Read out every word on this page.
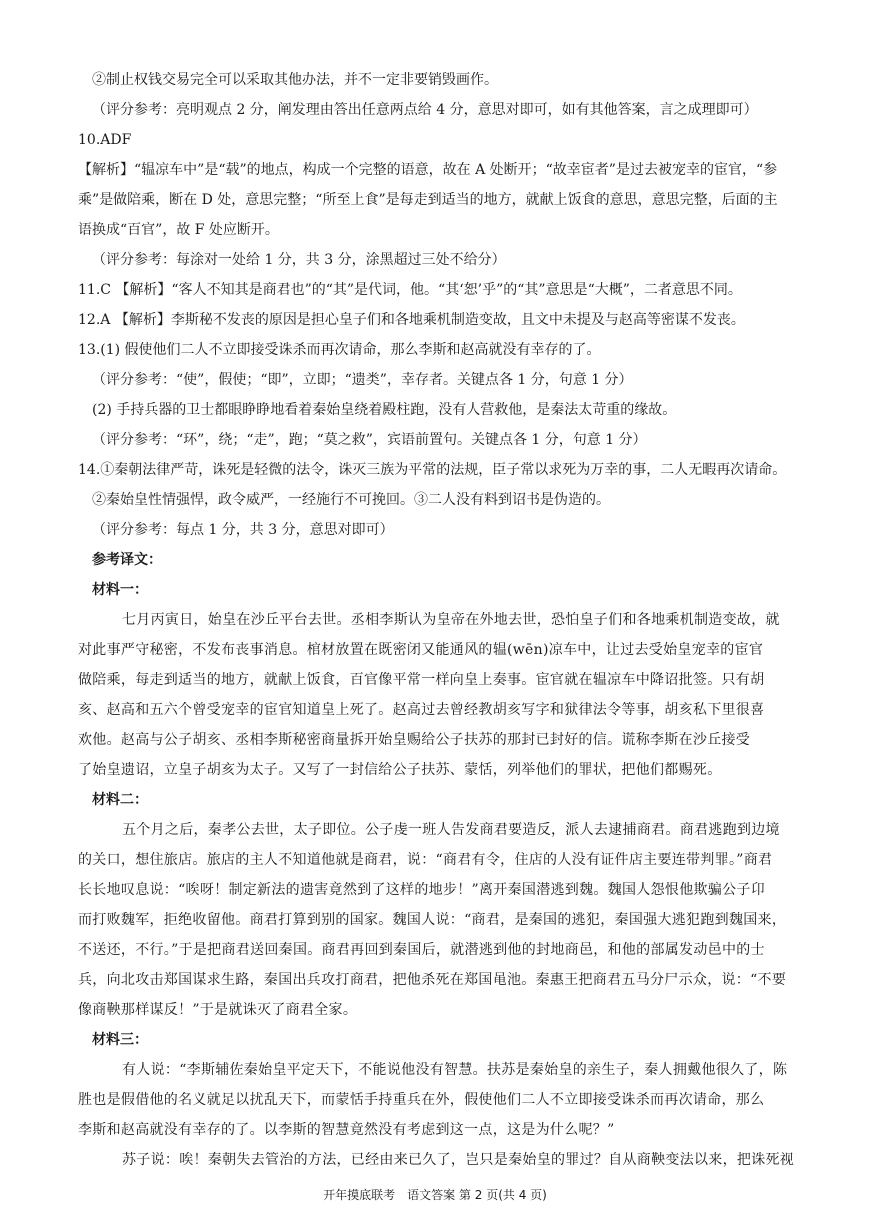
②制止权钱交易完全可以采取其他办法，并不一定非要销毁画作。
（评分参考：亮明观点 2 分，阐发理由答出任意两点给 4 分，意思对即可，如有其他答案，言之成理即可）
10.ADF
【解析】“辒凉车中”是“载”的地点，构成一个完整的语意，故在 A 处断开；“故幸宦者”是过去被宠幸的宦官，“参
乘”是做陪乘，断在 D 处，意思完整；“所至上食”是每走到适当的地方，就献上饭食的意思，意思完整，后面的主
语换成“百官”，故 F 处应断开。
（评分参考：每涂对一处给 1 分，共 3 分，涂黑超过三处不给分）
11.C 【解析】“客人不知其是商君也”的“其”是代词，他。“其‘恕’乎”的“其”意思是“大概”，二者意思不同。
12.A 【解析】李斯秘不发丧的原因是担心皇子们和各地乘机制造变故，且文中未提及与赵高等密谋不发丧。
13.(1) 假使他们二人不立即接受诛杀而再次请命，那么李斯和赵高就没有幸存的了。
（评分参考：“使”，假使；“即”，立即；“遗类”，幸存者。关键点各 1 分，句意 1 分）
(2) 手持兵器的卫士都眼睁睁地看着秦始皇绕着殿柱跑，没有人营救他，是秦法太苛重的缘故。
（评分参考：“环”，绕；“走”，跑；“莫之救”，宾语前置句。关键点各 1 分，句意 1 分）
14.①秦朝法律严苛，诛死是轻微的法令，诛灭三族为平常的法规，臣子常以求死为万幸的事，二人无暇再次请命。
②秦始皇性情强悍，政令威严，一经施行不可挽回。③二人没有料到诏书是伪造的。
（评分参考：每点 1 分，共 3 分，意思对即可）
参考译文：
材料一：
七月丙寅日，始皇在沙丘平台去世。丞相李斯认为皇帝在外地去世，恐怕皇子们和各地乘机制造变故，就
对此事严守秘密，不发布丧事消息。棺材放置在既密闭又能通风的辒(wēn)凉车中，让过去受始皇宠幸的宦官
做陪乘，每走到适当的地方，就献上饭食，百官像平常一样向皇上奏事。宦官就在辒凉车中降诏批签。只有胡
亥、赵高和五六个曾受宠幸的宦官知道皇上死了。赵高过去曾经教胡亥写字和狱律法令等事，胡亥私下里很喜
欢他。赵高与公子胡亥、丞相李斯秘密商量拆开始皇赐给公子扶苏的那封已封好的信。谎称李斯在沙丘接受
了始皇遗诏，立皇子胡亥为太子。又写了一封信给公子扶苏、蒙恬，列举他们的罪状，把他们都赐死。
材料二：
五个月之后，秦孝公去世，太子即位。公子虔一班人告发商君要造反，派人去逮捕商君。商君逃跑到边境
的关口，想住旅店。旅店的主人不知道他就是商君，说：“商君有令，住店的人没有证件店主要连带判罪。”商君
长长地叹息说：“唉呀！制定新法的遗害竟然到了这样的地步！”离开秦国潜逃到魏。魏国人怨恨他欺骗公子卬
而打败魏军，拒绝收留他。商君打算到别的国家。魏国人说：“商君，是秦国的逃犯，秦国强大逃犯跑到魏国来，
不送还，不行。”于是把商君送回秦国。商君再回到秦国后，就潜逃到他的封地商邑，和他的部属发动邑中的士
兵，向北攻击郑国谋求生路，秦国出兵攻打商君，把他杀死在郑国黾池。秦惠王把商君五马分尸示众，说：“不要
像商鞅那样谋反！”于是就诛灭了商君全家。
材料三：
有人说：“李斯辅佐秦始皇平定天下，不能说他没有智慧。扶苏是秦始皇的亲生子，秦人拥戴他很久了，陈
胜也是假借他的名义就足以扰乱天下，而蒙恬手持重兵在外，假使他们二人不立即接受诛杀而再次请命，那么
李斯和赵高就没有幸存的了。以李斯的智慧竟然没有考虑到这一点，这是为什么呢？”
苏子说：唉！秦朝失去管治的方法，已经由来已久了，岂只是秦始皇的罪过？自从商鞅变法以来，把诛死视
开年摸底联考　语文答案 第 2 页(共 4 页)
